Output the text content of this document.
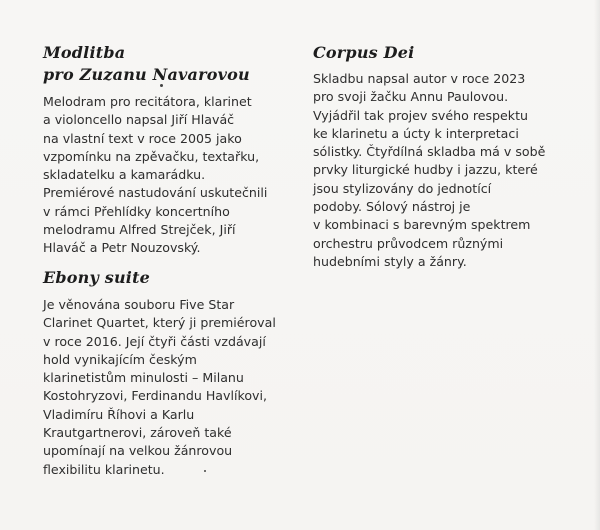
Modlitba
pro Zuzanu Navarovou

Melodram pro recitátora, klarinet
a violoncello napsal Jiří Hlaváč
na vlastní text v roce 2005 jako
vzpomínku na zpěvačku, textařku,
skladatelku a kamarádku.
Premiérové nastudování uskutečnili
v rámci Přehlídky koncertního
melodramu Alfred Strejček, Jiří
Hlaváč a Petr Nouzovský.

Ebony suite

Je věnována souboru Five Star
Clarinet Quartet, který ji premiéroval
v roce 2016. Její čtyři části vzdávají
hold vynikajícím českým
klarinetistům minulosti – Milanu
Kostohryzovi, Ferdinandu Havlíkovi,
Vladimíru Říhovi a Karlu
Krautgartnerovi, zároveň také
upomínají na velkou žánrovou
flexibilitu klarinetu.

Corpus Dei

Skladbu napsal autor v roce 2023
pro svoji žačku Annu Paulovou.
Vyjádřil tak projev svého respektu
ke klarinetu a úcty k interpretaci
sólistky. Čtyřdílná skladba má v sobě
prvky liturgické hudby i jazzu, které
jsou stylizovány do jednotící
podoby. Sólový nástroj je
v kombinaci s barevným spektrem
orchestru průvodcem různými
hudebními styly a žánry.
